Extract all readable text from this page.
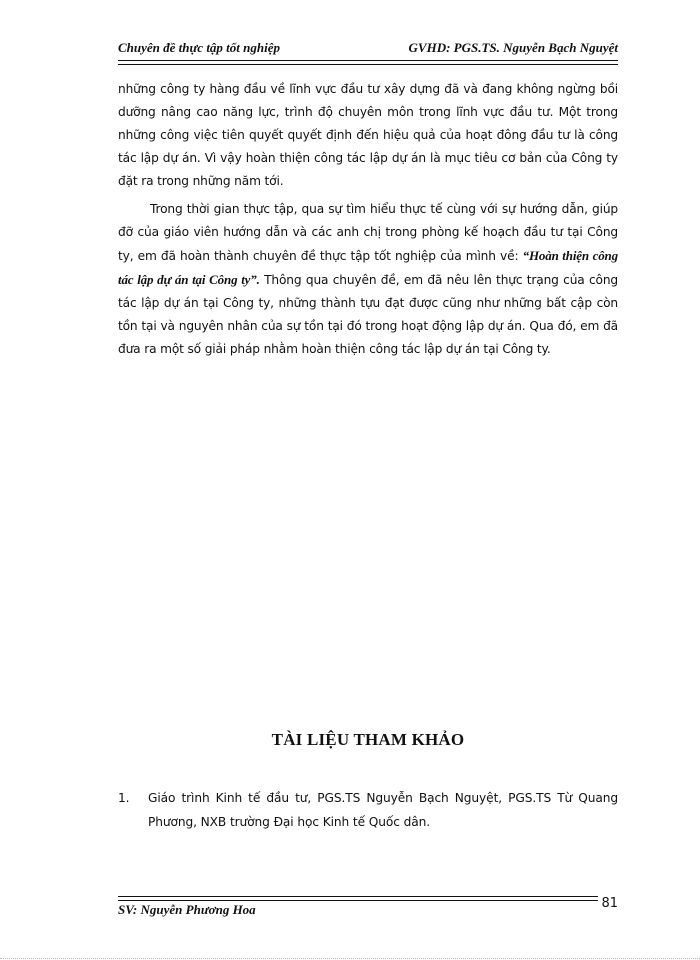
Chuyên đề thực tập tốt nghiệp	GVHD: PGS.TS. Nguyễn Bạch Nguyệt

những công ty hàng đầu về lĩnh vực đầu tư xây dựng đã và đang không ngừng bồi dưỡng nâng cao năng lực, trình độ chuyên môn trong lĩnh vực đầu tư. Một trong những công việc tiên quyết quyết định đến hiệu quả của hoạt đông đầu tư là công tác lập dự án. Vì vậy hoàn thiện công tác lập dự án là mục tiêu cơ bản của Công ty đặt ra trong những năm tới.

Trong thời gian thực tập, qua sự tìm hiểu thực tế cùng với sự hướng dẫn, giúp đỡ của giáo viên hướng dẫn và các anh chị trong phòng kế hoạch đầu tư tại Công ty, em đã hoàn thành chuyên đề thực tập tốt nghiệp của mình về: “Hoàn thiện công tác lập dự án tại Công ty”. Thông qua chuyên đề, em đã nêu lên thực trạng của công tác lập dự án tại Công ty, những thành tựu đạt được cũng như những bất cập còn tồn tại và nguyên nhân của sự tồn tại đó trong hoạt động lập dự án. Qua đó, em đã đưa ra một số giải pháp nhằm hoàn thiện công tác lập dự án tại Công ty.

TÀI LIỆU THAM KHẢO
1. Giáo trình Kinh tế đầu tư, PGS.TS Nguyễn Bạch Nguyệt, PGS.TS Từ Quang Phương, NXB trường Đại học Kinh tế Quốc dân.
SV: Nguyễn Phương Hoa	81
